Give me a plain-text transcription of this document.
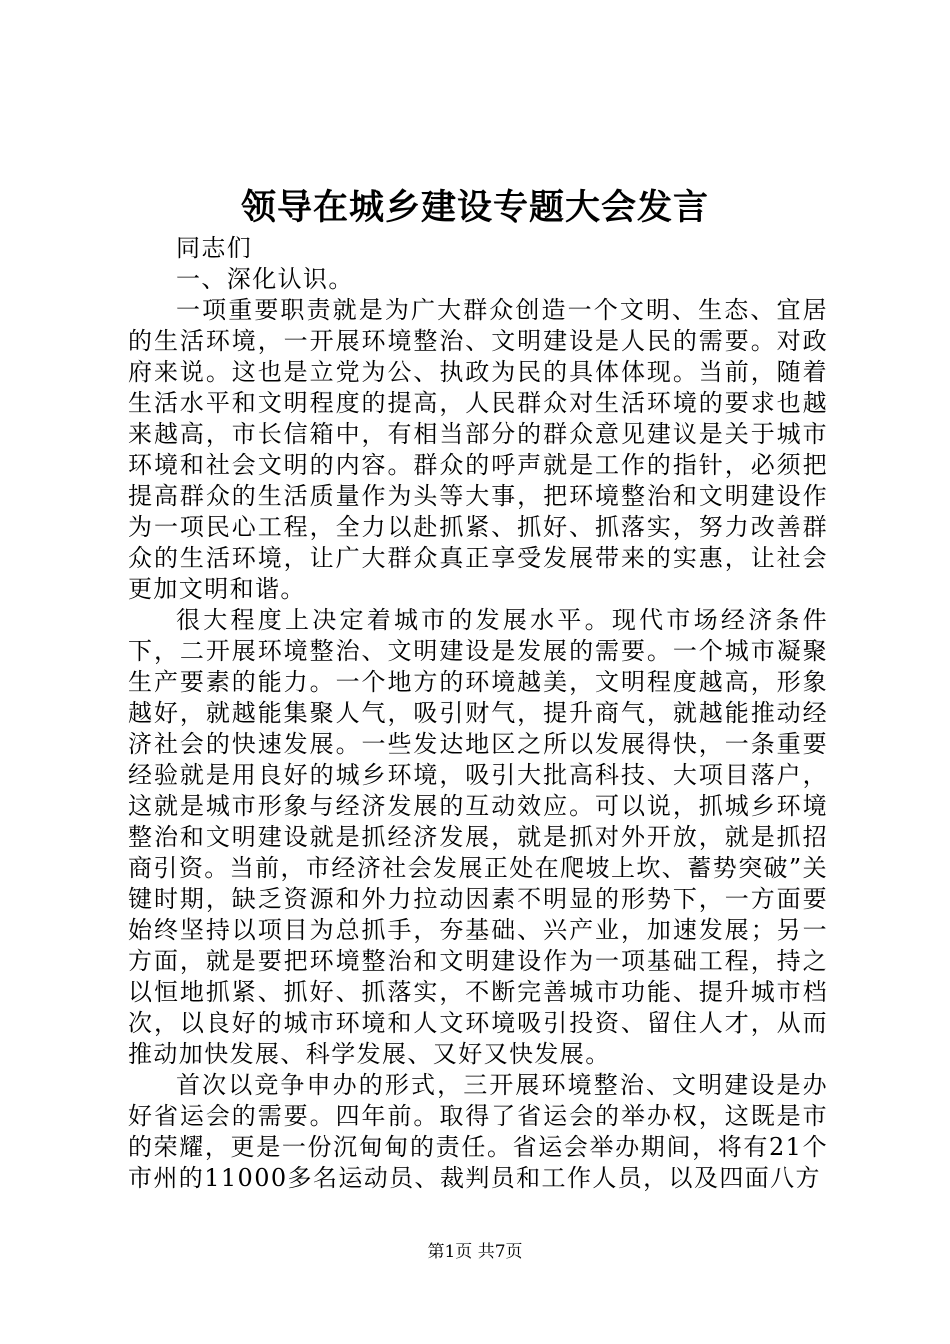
领导在城乡建设专题大会发言

同志们

一、深化认识。

一项重要职责就是为广大群众创造一个文明、生态、宜居的生活环境，一开展环境整治、文明建设是人民的需要。对政府来说。这也是立党为公、执政为民的具体体现。当前，随着生活水平和文明程度的提高，人民群众对生活环境的要求也越来越高，市长信箱中，有相当部分的群众意见建议是关于城市环境和社会文明的内容。群众的呼声就是工作的指针，必须把提高群众的生活质量作为头等大事，把环境整治和文明建设作为一项民心工程，全力以赴抓紧、抓好、抓落实，努力改善群众的生活环境，让广大群众真正享受发展带来的实惠，让社会更加文明和谐。

很大程度上决定着城市的发展水平。现代市场经济条件下，二开展环境整治、文明建设是发展的需要。一个城市凝聚生产要素的能力。一个地方的环境越美，文明程度越高，形象越好，就越能集聚人气，吸引财气，提升商气，就越能推动经济社会的快速发展。一些发达地区之所以发展得快，一条重要经验就是用良好的城乡环境，吸引大批高科技、大项目落户，这就是城市形象与经济发展的互动效应。可以说，抓城乡环境整治和文明建设就是抓经济发展，就是抓对外开放，就是抓招商引资。当前，市经济社会发展正处在爬坡上坎、蓄势突破”关键时期，缺乏资源和外力拉动因素不明显的形势下，一方面要始终坚持以项目为总抓手，夯基础、兴产业，加速发展；另一方面，就是要把环境整治和文明建设作为一项基础工程，持之以恒地抓紧、抓好、抓落实，不断完善城市功能、提升城市档次，以良好的城市环境和人文环境吸引投资、留住人才，从而推动加快发展、科学发展、又好又快发展。

首次以竞争申办的形式，三开展环境整治、文明建设是办好省运会的需要。四年前。取得了省运会的举办权，这既是市的荣耀，更是一份沉甸甸的责任。省运会举办期间，将有21个市州的11000多名运动员、裁判员和工作人员，以及四面八方

第1页 共7页
